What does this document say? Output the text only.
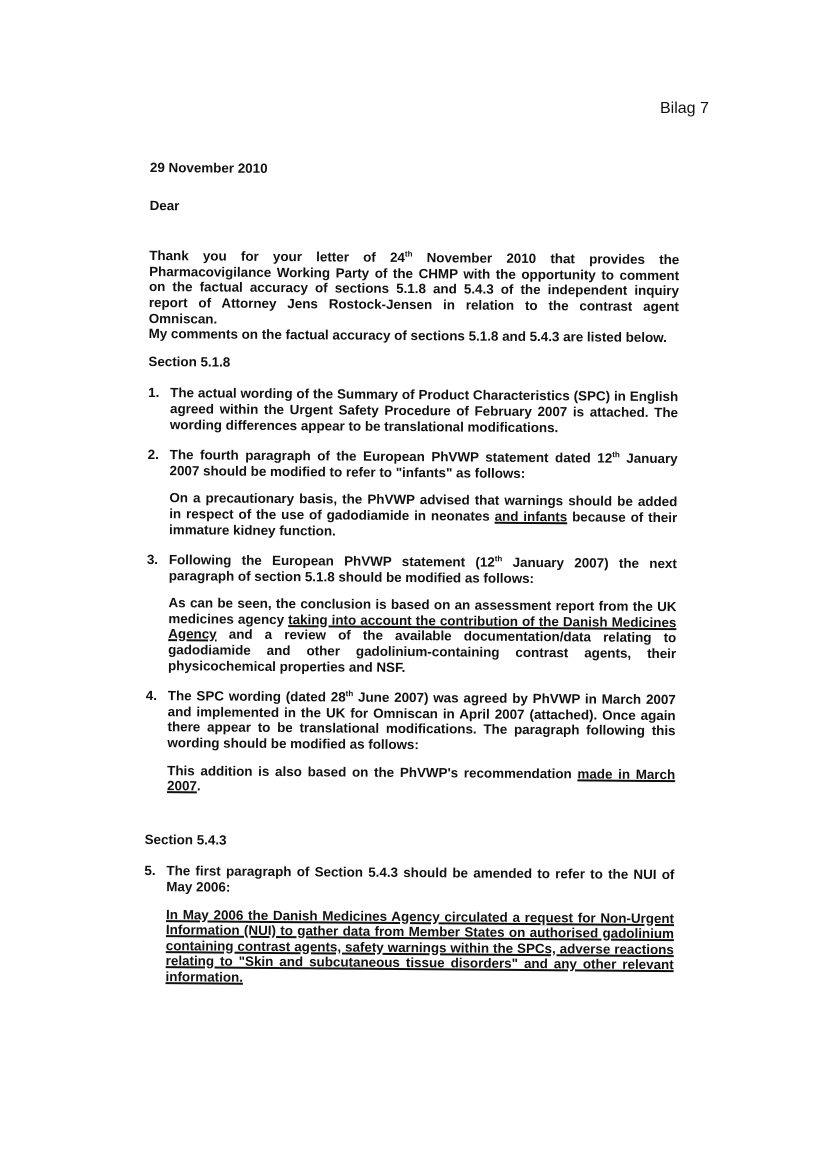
Bilag 7
29 November 2010
Dear

Thank you for your letter of 24th November 2010 that provides the Pharmacovigilance Working Party of the CHMP with the opportunity to comment on the factual accuracy of sections 5.1.8 and 5.4.3 of the independent inquiry report of Attorney Jens Rostock-Jensen in relation to the contrast agent Omniscan.

My comments on the factual accuracy of sections 5.1.8 and 5.4.3 are listed below.

Section 5.1.8
1. The actual wording of the Summary of Product Characteristics (SPC) in English agreed within the Urgent Safety Procedure of February 2007 is attached. The wording differences appear to be translational modifications.

2. The fourth paragraph of the European PhVWP statement dated 12th January 2007 should be modified to refer to "infants" as follows:

On a precautionary basis, the PhVWP advised that warnings should be added in respect of the use of gadodiamide in neonates and infants because of their immature kidney function.

3. Following the European PhVWP statement (12th January 2007) the next paragraph of section 5.1.8 should be modified as follows:

As can be seen, the conclusion is based on an assessment report from the UK medicines agency taking into account the contribution of the Danish Medicines Agency and a review of the available documentation/data relating to gadodiamide and other gadolinium-containing contrast agents, their physicochemical properties and NSF.

4. The SPC wording (dated 28th June 2007) was agreed by PhVWP in March 2007 and implemented in the UK for Omniscan in April 2007 (attached). Once again there appear to be translational modifications. The paragraph following this wording should be modified as follows:

This addition is also based on the PhVWP's recommendation made in March 2007.

Section 5.4.3
5. The first paragraph of Section 5.4.3 should be amended to refer to the NUI of May 2006:

In May 2006 the Danish Medicines Agency circulated a request for Non-Urgent Information (NUI) to gather data from Member States on authorised gadolinium containing contrast agents, safety warnings within the SPCs, adverse reactions relating to "Skin and subcutaneous tissue disorders" and any other relevant information.
